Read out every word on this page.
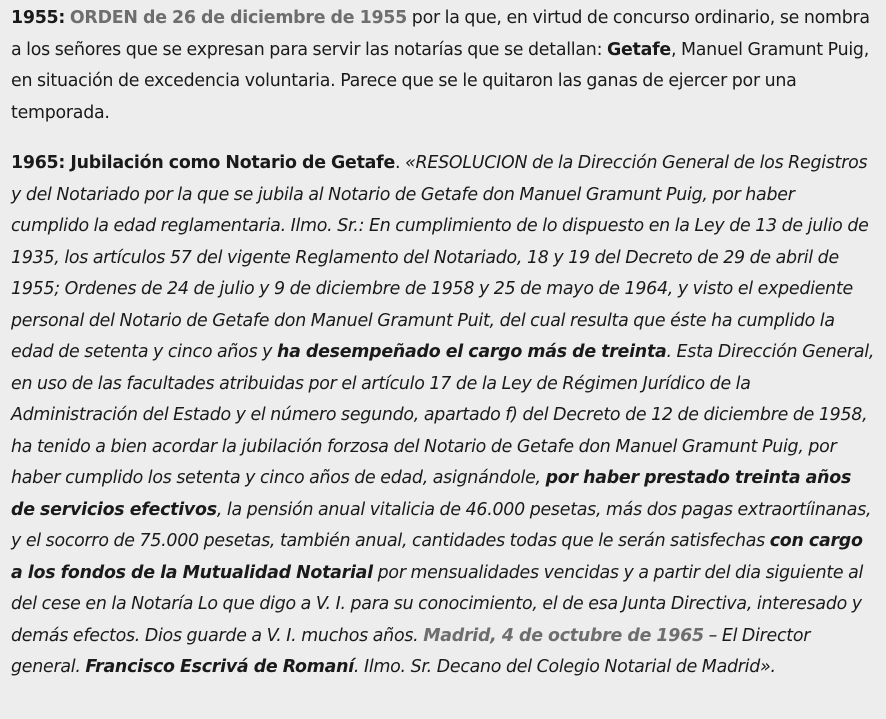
1955: ORDEN de 26 de diciembre de 1955 por la que, en virtud de concurso ordinario, se nombra a los señores que se expresan para servir las notarías que se detallan: Getafe, Manuel Gramunt Puig, en situación de excedencia voluntaria. Parece que se le quitaron las ganas de ejercer por una temporada.

1965: Jubilación como Notario de Getafe. «RESOLUCION de la Dirección General de los Registros y del Notariado por la que se jubila al Notario de Getafe don Manuel Gramunt Puig, por haber cumplido la edad reglamentaria. Ilmo. Sr.: En cumplimiento de lo dispuesto en la Ley de 13 de julio de 1935, los artículos 57 del vigente Reglamento del Notariado, 18 y 19 del Decreto de 29 de abril de 1955; Ordenes de 24 de julio y 9 de diciembre de 1958 y 25 de mayo de 1964, y visto el expediente personal del Notario de Getafe don Manuel Gramunt Puit, del cual resulta que éste ha cumplido la edad de setenta y cinco años y ha desempeñado el cargo más de treinta. Esta Dirección General, en uso de las facultades atribuidas por el artículo 17 de la Ley de Régimen Jurídico de la Administración del Estado y el número segundo, apartado f) del Decreto de 12 de diciembre de 1958, ha tenido a bien acordar la jubilación forzosa del Notario de Getafe don Manuel Gramunt Puig, por haber cumplido los setenta y cinco años de edad, asignándole, por haber prestado treinta años de servicios efectivos, la pensión anual vitalicia de 46.000 pesetas, más dos pagas extraortíinanas, y el socorro de 75.000 pesetas, también anual, cantidades todas que le serán satisfechas con cargo a los fondos de la Mutualidad Notarial por mensualidades vencidas y a partir del dia siguiente al del cese en la Notaría Lo que digo a V. I. para su conocimiento, el de esa Junta Directiva, interesado y demás efectos. Dios guarde a V. I. muchos años. Madrid, 4 de octubre de 1965 – El Director general. Francisco Escrivá de Romaní. Ilmo. Sr. Decano del Colegio Notarial de Madrid».
